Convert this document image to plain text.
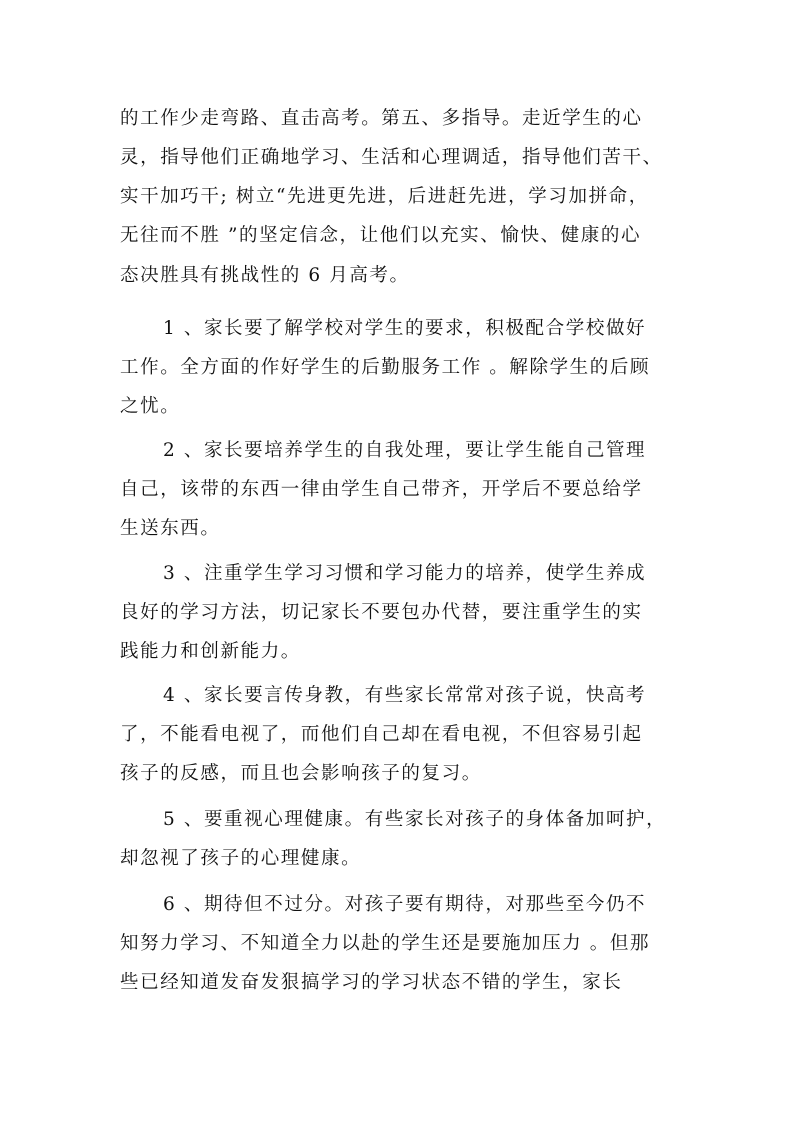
的工作少走弯路、直击高考。第五、多指导。走近学生的心
灵，指导他们正确地学习、生活和心理调适，指导他们苦干、
实干加巧干; 树立“先进更先进，后进赶先进，学习加拼命，
无往而不胜 ”的坚定信念，让他们以充实、愉快、健康的心
态决胜具有挑战性的 6 月高考。
1 、家长要了解学校对学生的要求，积极配合学校做好
工作。全方面的作好学生的后勤服务工作 。解除学生的后顾
之忧。
2 、家长要培养学生的自我处理，要让学生能自己管理
自己，该带的东西一律由学生自己带齐，开学后不要总给学
生送东西。
3 、注重学生学习习惯和学习能力的培养，使学生养成
良好的学习方法，切记家长不要包办代替，要注重学生的实
践能力和创新能力。
4 、家长要言传身教，有些家长常常对孩子说，快高考
了，不能看电视了，而他们自己却在看电视，不但容易引起
孩子的反感，而且也会影响孩子的复习。
5 、要重视心理健康。有些家长对孩子的身体备加呵护，
却忽视了孩子的心理健康。
6 、期待但不过分。对孩子要有期待，对那些至今仍不
知努力学习、不知道全力以赴的学生还是要施加压力 。但那
些已经知道发奋发狠搞学习的学习状态不错的学生，家长
